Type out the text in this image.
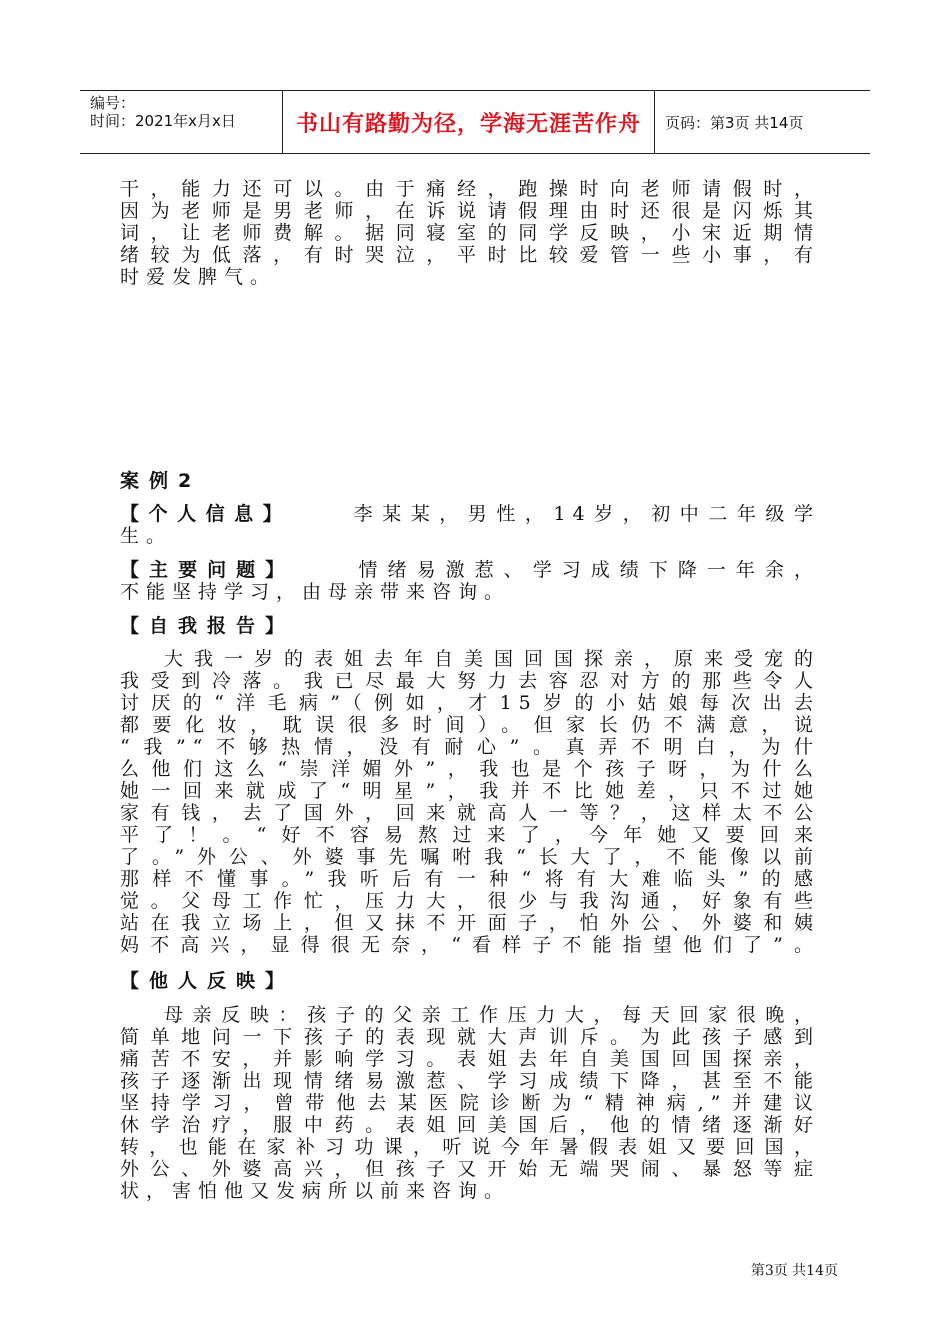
编号：
时间：2021年x月x日	书山有路勤为径，学海无涯苦作舟	页码：第3页 共14页

干，能力还可以。由于痛经，跑操时向老师请假时，

因为老师是男老师，在诉说请假理由时还很是闪烁其

词，让老师费解。据同寝室的同学反映，小宋近期情

绪较为低落，有时哭泣，平时比较爱管一些小事，有

时爱发脾气。

案例2

【个人信息】	李某某，男性，14岁，初中二年级学

生。

【主要问题】	情绪易激惹、学习成绩下降一年余，

不能坚持学习，由母亲带来咨询。

【自我报告】

大我一岁的表姐去年自美国回国探亲，原来受宠的

我受到冷落。我已尽最大努力去容忍对方的那些令人

讨厌的“洋毛病”（例如，才15岁的小姑娘每次出去

都要化妆，耽误很多时间）。但家长仍不满意，说

“我”“不够热情，没有耐心”。真弄不明白，为什

么他们这么“崇洋媚外”，我也是个孩子呀，为什么

她一回来就成了“明星”，我并不比她差，只不过她

家有钱，去了国外，回来就高人一等？，这样太不公

平了！。“好不容易熬过来了，今年她又要回来

了。”外公、外婆事先嘱咐我“长大了，不能像以前

那样不懂事。”我听后有一种“将有大难临头”的感

觉。父母工作忙，压力大，很少与我沟通，好象有些

站在我立场上，但又抹不开面子，怕外公、外婆和姨

妈不高兴，显得很无奈，“看样子不能指望他们了”。

【他人反映】

母亲反映：孩子的父亲工作压力大，每天回家很晚，

简单地问一下孩子的表现就大声训斥。为此孩子感到

痛苦不安，并影响学习。表姐去年自美国回国探亲，

孩子逐渐出现情绪易激惹、学习成绩下降，甚至不能

坚持学习，曾带他去某医院诊断为“精神病,”并建议

休学治疗，服中药。表姐回美国后，他的情绪逐渐好

转，也能在家补习功课，听说今年暑假表姐又要回国，

外公、外婆高兴，但孩子又开始无端哭闹、暴怒等症

状，害怕他又发病所以前来咨询。

第3页 共14页
